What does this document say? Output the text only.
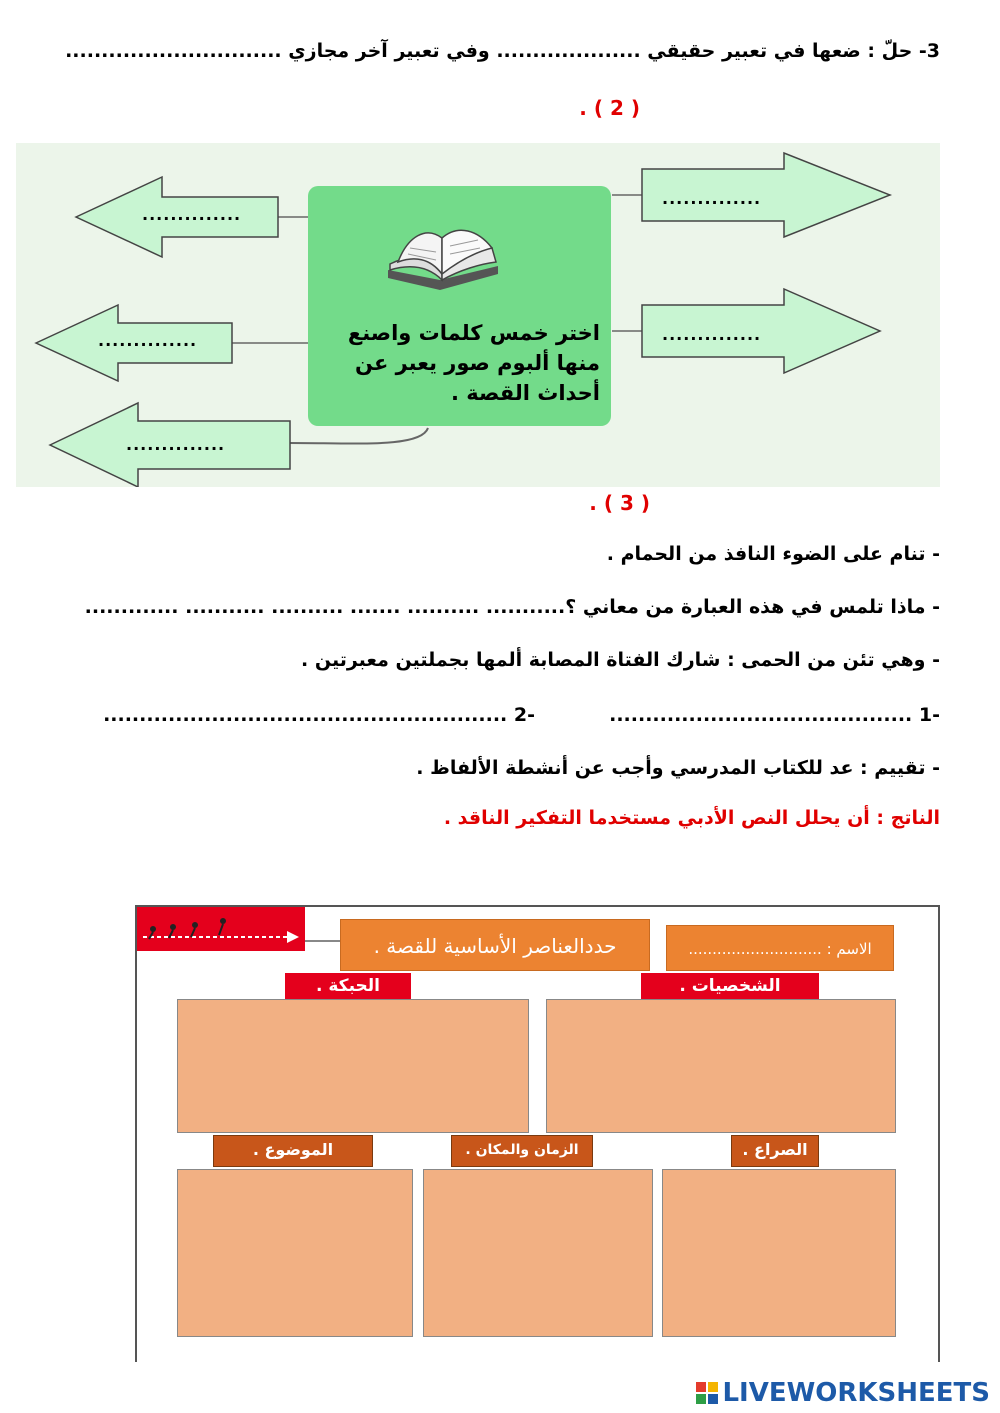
3- حلّ : ضعها في تعبير حقيقي .................... وفي تعبير آخر مجازي ..............................
( 2 ) .
..............
..............
..............
..............
..............
اختر خمس كلمات واصنع منها ألبوم صور يعبر عن أحداث القصة .
( 3 ) .
- تنام على الضوء النافذ من الحمام .
- ماذا تلمس في هذه العبارة من معاني ؟........... .......... ....... .......... ........... .............
- وهي تئن من الحمى : شارك الفتاة المصابة ألمها بجملتين معبرتين .
-1 ..........................................
-2 ........................................................
- تقييم : عد للكتاب المدرسي وأجب عن أنشطة الألفاظ .
الناتج : أن يحلل النص الأدبي مستخدما التفكير الناقد .
حددالعناصر الأساسية للقصة .	الاسم : ............................
الحبكة .	الشخصيات .
الموضوع .	الزمان والمكان .	الصراع .
LIVEWORKSHEETS
